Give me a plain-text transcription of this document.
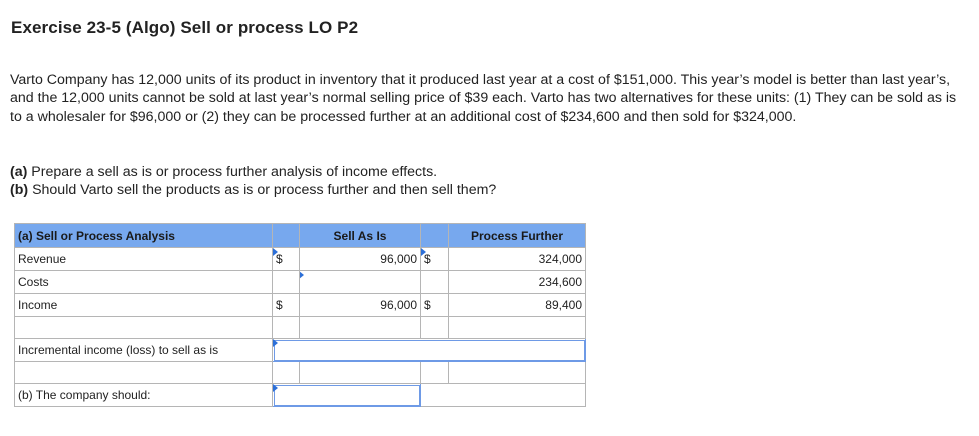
Exercise 23-5 (Algo) Sell or process LO P2
Varto Company has 12,000 units of its product in inventory that it produced last year at a cost of $151,000. This year’s model is better than last year’s, and the 12,000 units cannot be sold at last year’s normal selling price of $39 each. Varto has two alternatives for these units: (1) They can be sold as is to a wholesaler for $96,000 or (2) they can be processed further at an additional cost of $234,600 and then sold for $324,000.
(a) Prepare a sell as is or process further analysis of income effects.
(b) Should Varto sell the products as is or process further and then sell them?
(a) Sell or Process Analysis		Sell As Is		Process Further
Revenue	$	96,000	$	324,000
Costs				234,600
Income	$	96,000	$	89,400

Incremental income (loss) to sell as is				

(b) The company should:			
